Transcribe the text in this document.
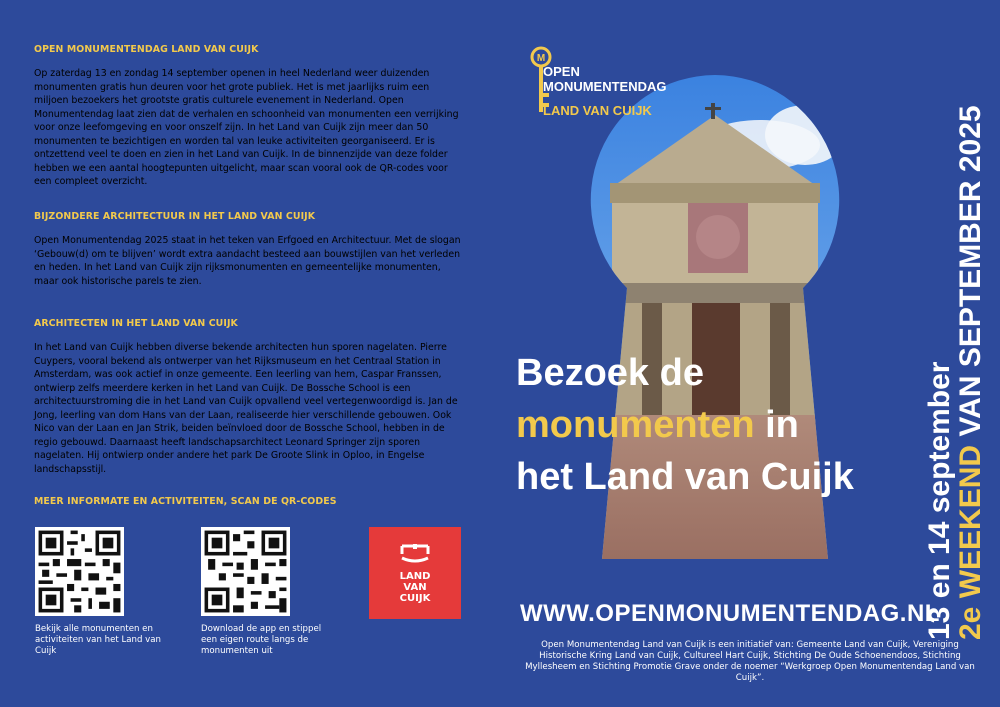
OPEN MONUMENTENDAG LAND VAN CUIJK

Op zaterdag 13 en zondag 14 september openen in heel Nederland weer duizenden monumenten gratis hun deuren voor het grote publiek. Het is met jaarlijks ruim een miljoen bezoekers het grootste gratis culturele evenement in Nederland. Open Monumentendag laat zien dat de verhalen en schoonheid van monumenten een verrijking voor onze leefomgeving en voor onszelf zijn. In het Land van Cuijk zijn meer dan 50 monumenten te bezichtigen en worden tal van leuke activiteiten georganiseerd. Er is ontzettend veel te doen en zien in het Land van Cuijk. In de binnenzijde van deze folder hebben we een aantal hoogtepunten uitgelicht, maar scan vooral ook de QR-codes voor een compleet overzicht.

BIJZONDERE ARCHITECTUUR IN HET LAND VAN CUIJK

Open Monumentendag 2025 staat in het teken van Erfgoed en Architectuur. Met de slogan ‘Gebouw(d) om te blijven’ wordt extra aandacht besteed aan bouwstijlen van het verleden en heden. In het Land van Cuijk zijn rijksmonumenten en gemeentelijke monumenten, maar ook historische parels te zien.

ARCHITECTEN IN HET LAND VAN CUIJK

In het Land van Cuijk hebben diverse bekende architecten hun sporen nagelaten. Pierre Cuypers, vooral bekend als ontwerper van het Rijksmuseum en het Centraal Station in Amsterdam, was ook actief in onze gemeente. Een leerling van hem, Caspar Franssen, ontwierp zelfs meerdere kerken in het Land van Cuijk. De Bossche School is een architectuurstroming die in het Land van Cuijk opvallend veel vertegenwoordigd is. Jan de Jong, leerling van dom Hans van der Laan, realiseerde hier verschillende gebouwen. Ook Nico van der Laan en Jan Strik, beiden beïnvloed door de Bossche School, hebben in de regio gebouwd. Daarnaast heeft landschapsarchitect Leonard Springer zijn sporen nagelaten. Hij ontwierp onder andere het park De Groote Slink in Oploo, in Engelse landschapsstijl.

MEER INFORMATE EN ACTIVITEITEN, SCAN DE QR-CODES
Bekijk alle monumenten en activiteiten van het Land van Cuijk
Download de app en stippel een eigen route langs de monumenten uit
LAND
VAN
CUIJK
M
OPEN
MONUMENTENDAG
LAND VAN CUIJK
Bezoek de
monumenten in
het Land van Cuijk 13 en 14 september
2e WEEKEND VAN SEPTEMBER 2025
WWW.OPENMONUMENTENDAG.NL
Open Monumentendag Land van Cuijk is een initiatief van: Gemeente Land van Cuijk, Vereniging Historische Kring Land van Cuijk, Cultureel Hart Cuijk, Stichting De Oude Schoenendoos, Stichting Myllesheem en Stichting Promotie Grave onder de noemer “Werkgroep Open Monumentendag Land van Cuijk”.
